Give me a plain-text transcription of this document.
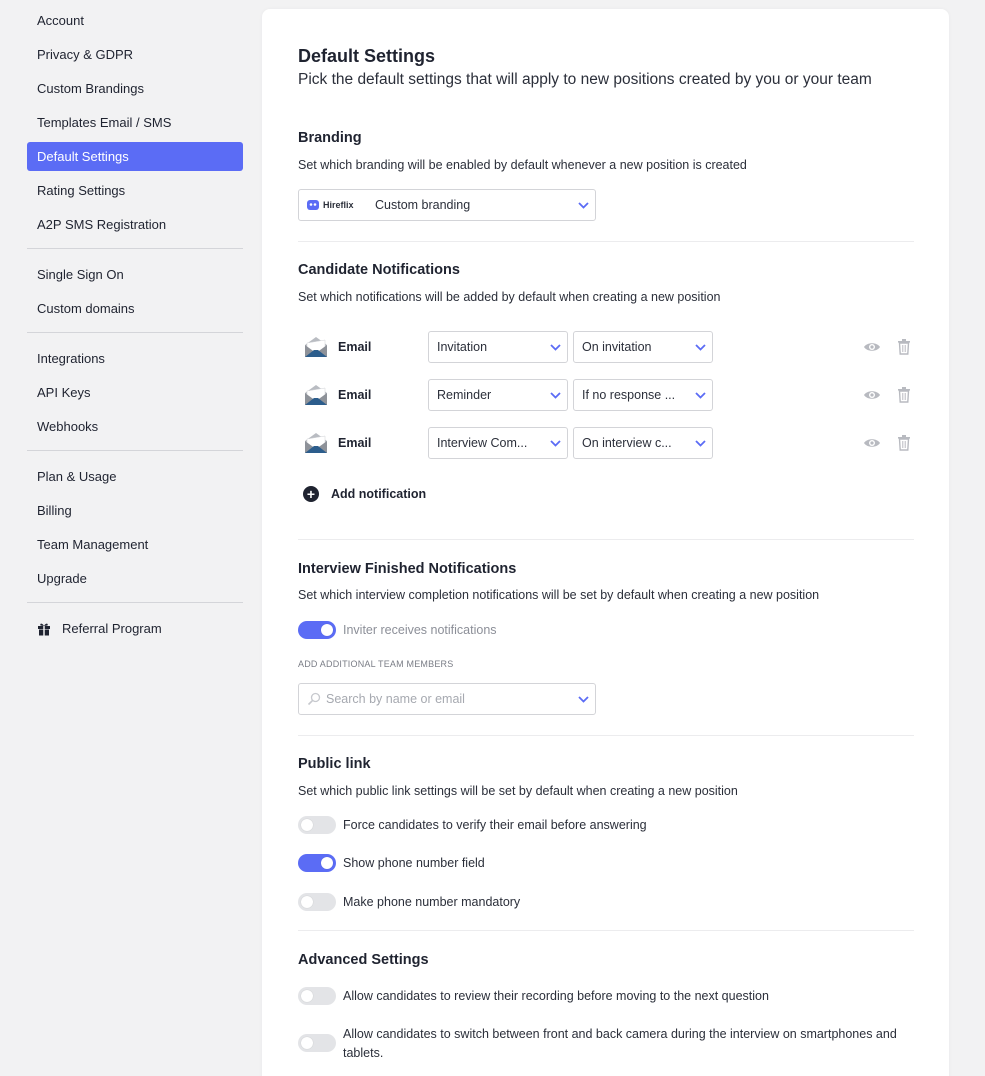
Account
Privacy & GDPR
Custom Brandings
Templates Email / SMS
Default Settings
Rating Settings
A2P SMS Registration
Single Sign On
Custom domains
Integrations
API Keys
Webhooks
Plan & Usage
Billing
Team Management
Upgrade
Referral Program
Default Settings

Pick the default settings that will apply to new positions created by you or your team

Branding

Set which branding will be enabled by default whenever a new position is created

Hireflix Custom branding
Candidate Notifications

Set which notifications will be added by default when creating a new position

Email	Invitation	On invitation
Email	Reminder	If no response ...
Email	Interview Com...	On interview c...
+	Add notification
Interview Finished Notifications

Set which interview completion notifications will be set by default when creating a new position

Inviter receives notifications

ADD ADDITIONAL TEAM MEMBERS

Search by name or email
Public link

Set which public link settings will be set by default when creating a new position

Force candidates to verify their email before answering
Show phone number field
Make phone number mandatory
Advanced Settings
Allow candidates to review their recording before moving to the next question
Allow candidates to switch between front and back camera during the interview on smartphones and tablets.
